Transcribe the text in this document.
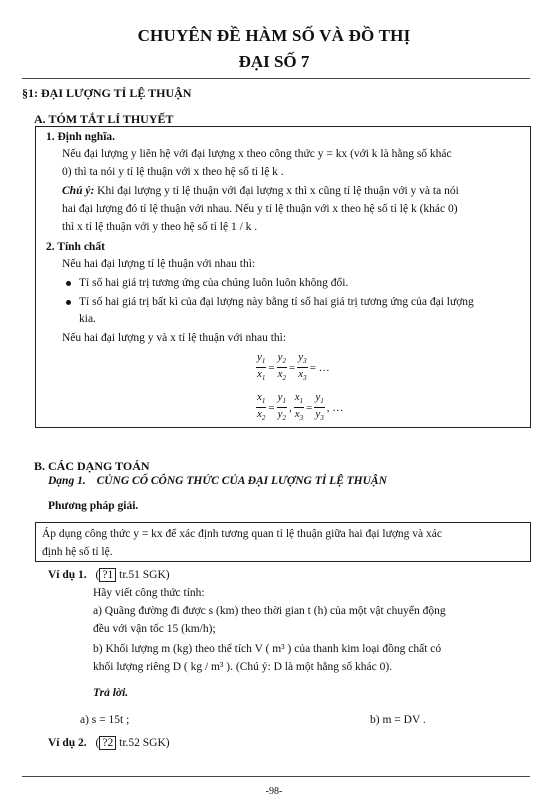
CHUYÊN ĐỀ HÀM SỐ VÀ ĐỒ THỊ
ĐẠI SỐ 7
§1: ĐẠI LƯỢNG TỈ LỆ THUẬN
A. TÓM TẮT LÍ THUYẾT
1. Định nghĩa.
Nếu đại lượng y liên hệ với đại lượng x theo công thức y = kx (với k là hằng số khác
0) thì ta nói y tỉ lệ thuận với x theo hệ số tỉ lệ k .
Chú ý: Khi đại lượng y tỉ lệ thuận với đại lượng x thì x cũng tỉ lệ thuận với y và ta nói
hai đại lượng đó tỉ lệ thuận với nhau. Nếu y tỉ lệ thuận với x theo hệ số tỉ lệ k (khác 0)
thì x tỉ lệ thuận với y theo hệ số tỉ lệ 1 / k .
2. Tính chất
Nếu hai đại lượng tỉ lệ thuận với nhau thì:
Tỉ số hai giá trị tương ứng của chúng luôn luôn không đổi.
Tỉ số hai giá trị bất kì của đại lượng này bằng tỉ số hai giá trị tương ứng của đại lượng
kia.
Nếu hai đại lượng y và x tỉ lệ thuận với nhau thì:
$\frac{y_1}{x_1} = \frac{y_2}{x_2} = \frac{y_3}{x_3}$ = …
$\frac{x_1}{x_2} = \frac{y_1}{y_2}$ , $\frac{x_1}{x_3} = \frac{y_1}{y_3}$ , …
B. CÁC DẠNG TOÁN
Dạng 1. CỦNG CỐ CÔNG THỨC CỦA ĐẠI LƯỢNG TỈ LỆ THUẬN
Phương pháp giải.
Áp dụng công thức y = kx để xác định tương quan tỉ lệ thuận giữa hai đại lượng và xác
định hệ số tỉ lệ.
Ví dụ 1. ( ?1 tr.51 SGK)
Hãy viết công thức tính:
a) Quãng đường đi được s (km) theo thời gian t (h) của một vật chuyển động
đều với vận tốc 15 (km/h);
b) Khối lượng m (kg) theo thể tích V ( m³ ) của thanh kim loại đồng chất có
khối lượng riêng D ( kg / m³ ). (Chú ý: D là một hằng số khác 0).
Trả lời.
a) s = 15t ;	b) m = DV .
Ví dụ 2. ( ?2 tr.52 SGK)
-98-
